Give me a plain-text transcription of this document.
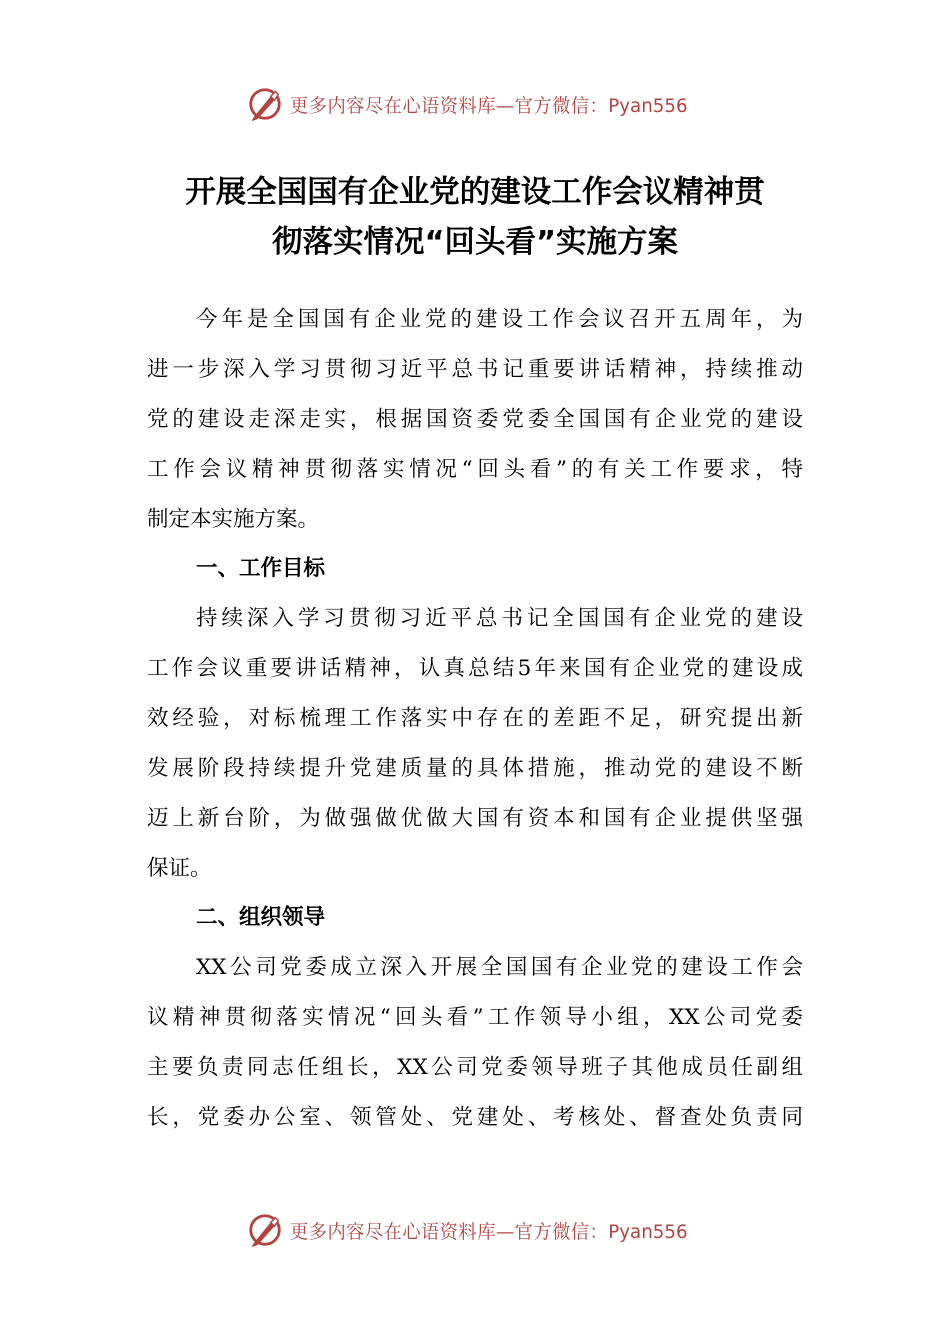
更多内容尽在心语资料库—官方微信：Pyan556
开展全国国有企业党的建设工作会议精神贯
彻落实情况“回头看”实施方案

今年是全国国有企业党的建设工作会议召开五周年，为

进一步深入学习贯彻习近平总书记重要讲话精神，持续推动

党的建设走深走实，根据国资委党委全国国有企业党的建设

工作会议精神贯彻落实情况“回头看”的有关工作要求，特

制定本实施方案。

一、工作目标

持续深入学习贯彻习近平总书记全国国有企业党的建设

工作会议重要讲话精神，认真总结5年来国有企业党的建设成

效经验，对标梳理工作落实中存在的差距不足，研究提出新

发展阶段持续提升党建质量的具体措施，推动党的建设不断

迈上新台阶，为做强做优做大国有资本和国有企业提供坚强

保证。

二、组织领导

XX公司党委成立深入开展全国国有企业党的建设工作会

议精神贯彻落实情况“回头看”工作领导小组，XX公司党委

主要负责同志任组长，XX公司党委领导班子其他成员任副组

长，党委办公室、领管处、党建处、考核处、督查处负责同

更多内容尽在心语资料库—官方微信：Pyan556
